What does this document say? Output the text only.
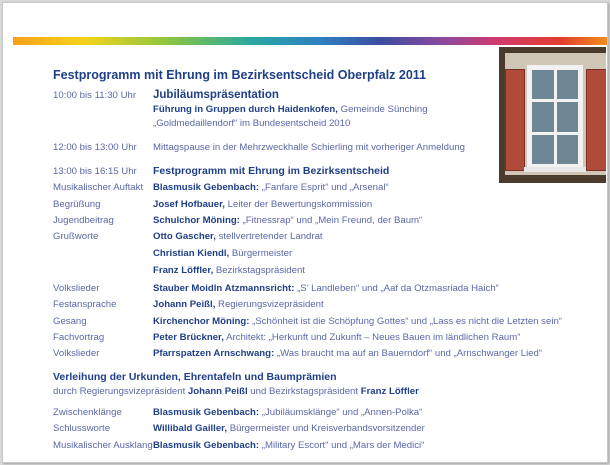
Festprogramm mit Ehrung im Bezirksentscheid Oberpfalz 2011
10:00 bis 11:30 Uhr Jubiläumspräsentation
Führung in Gruppen durch Haidenkofen, Gemeinde Sünching
„Goldmedaillendorf“ im Bundesentscheid 2010
12:00 bis 13:00 Uhr Mittagspause in der Mehrzweckhalle Schierling mit vorheriger Anmeldung
13:00 bis 16:15 Uhr Festprogramm mit Ehrung im Bezirksentscheid
Musikalischer Auftakt Blasmusik Gebenbach: „Fanfare Esprit“ und „Arsenal“
Begrüßung	Josef Hofbauer, Leiter der Bewertungskommission
Jugendbeitrag	Schulchor Möning: „Fitnessrap“ und „Mein Freund, der Baum“
Grußworte	Otto Gascher, stellvertretender Landrat
Christian Kiendl, Bürgermeister
Franz Löffler, Bezirkstagspräsident
Volkslieder	Stauber Moidln Atzmannsricht: „S’ Landleben“ und „Aaf da Otzmasriada Haich“
Festansprache	Johann Peißl, Regierungsvizepräsident
Gesang	Kirchenchor Möning: „Schönheit ist die Schöpfung Gottes“ und „Lass es nicht die Letzten sein“
Fachvortrag	Peter Brückner, Architekt: „Herkunft und Zukunft – Neues Bauen im ländlichen Raum“
Volkslieder	Pfarrspatzen Arnschwang: „Was braucht ma auf an Bauerndorf“ und „Arnschwanger Lied“
Verleihung der Urkunden, Ehrentafeln und Baumprämien
durch Regierungsvizepräsident Johann Peißl und Bezirkstagspräsident Franz Löffler
Zwischenklänge	Blasmusik Gebenbach: „Jubiläumsklänge“ und „Annen-Polka“
Schlussworte	Willibald Gailler, Bürgermeister und Kreisverbandsvorsitzender
Musikalischer Ausklang Blasmusik Gebenbach: „Military Escort“ und „Mars der Medici“
